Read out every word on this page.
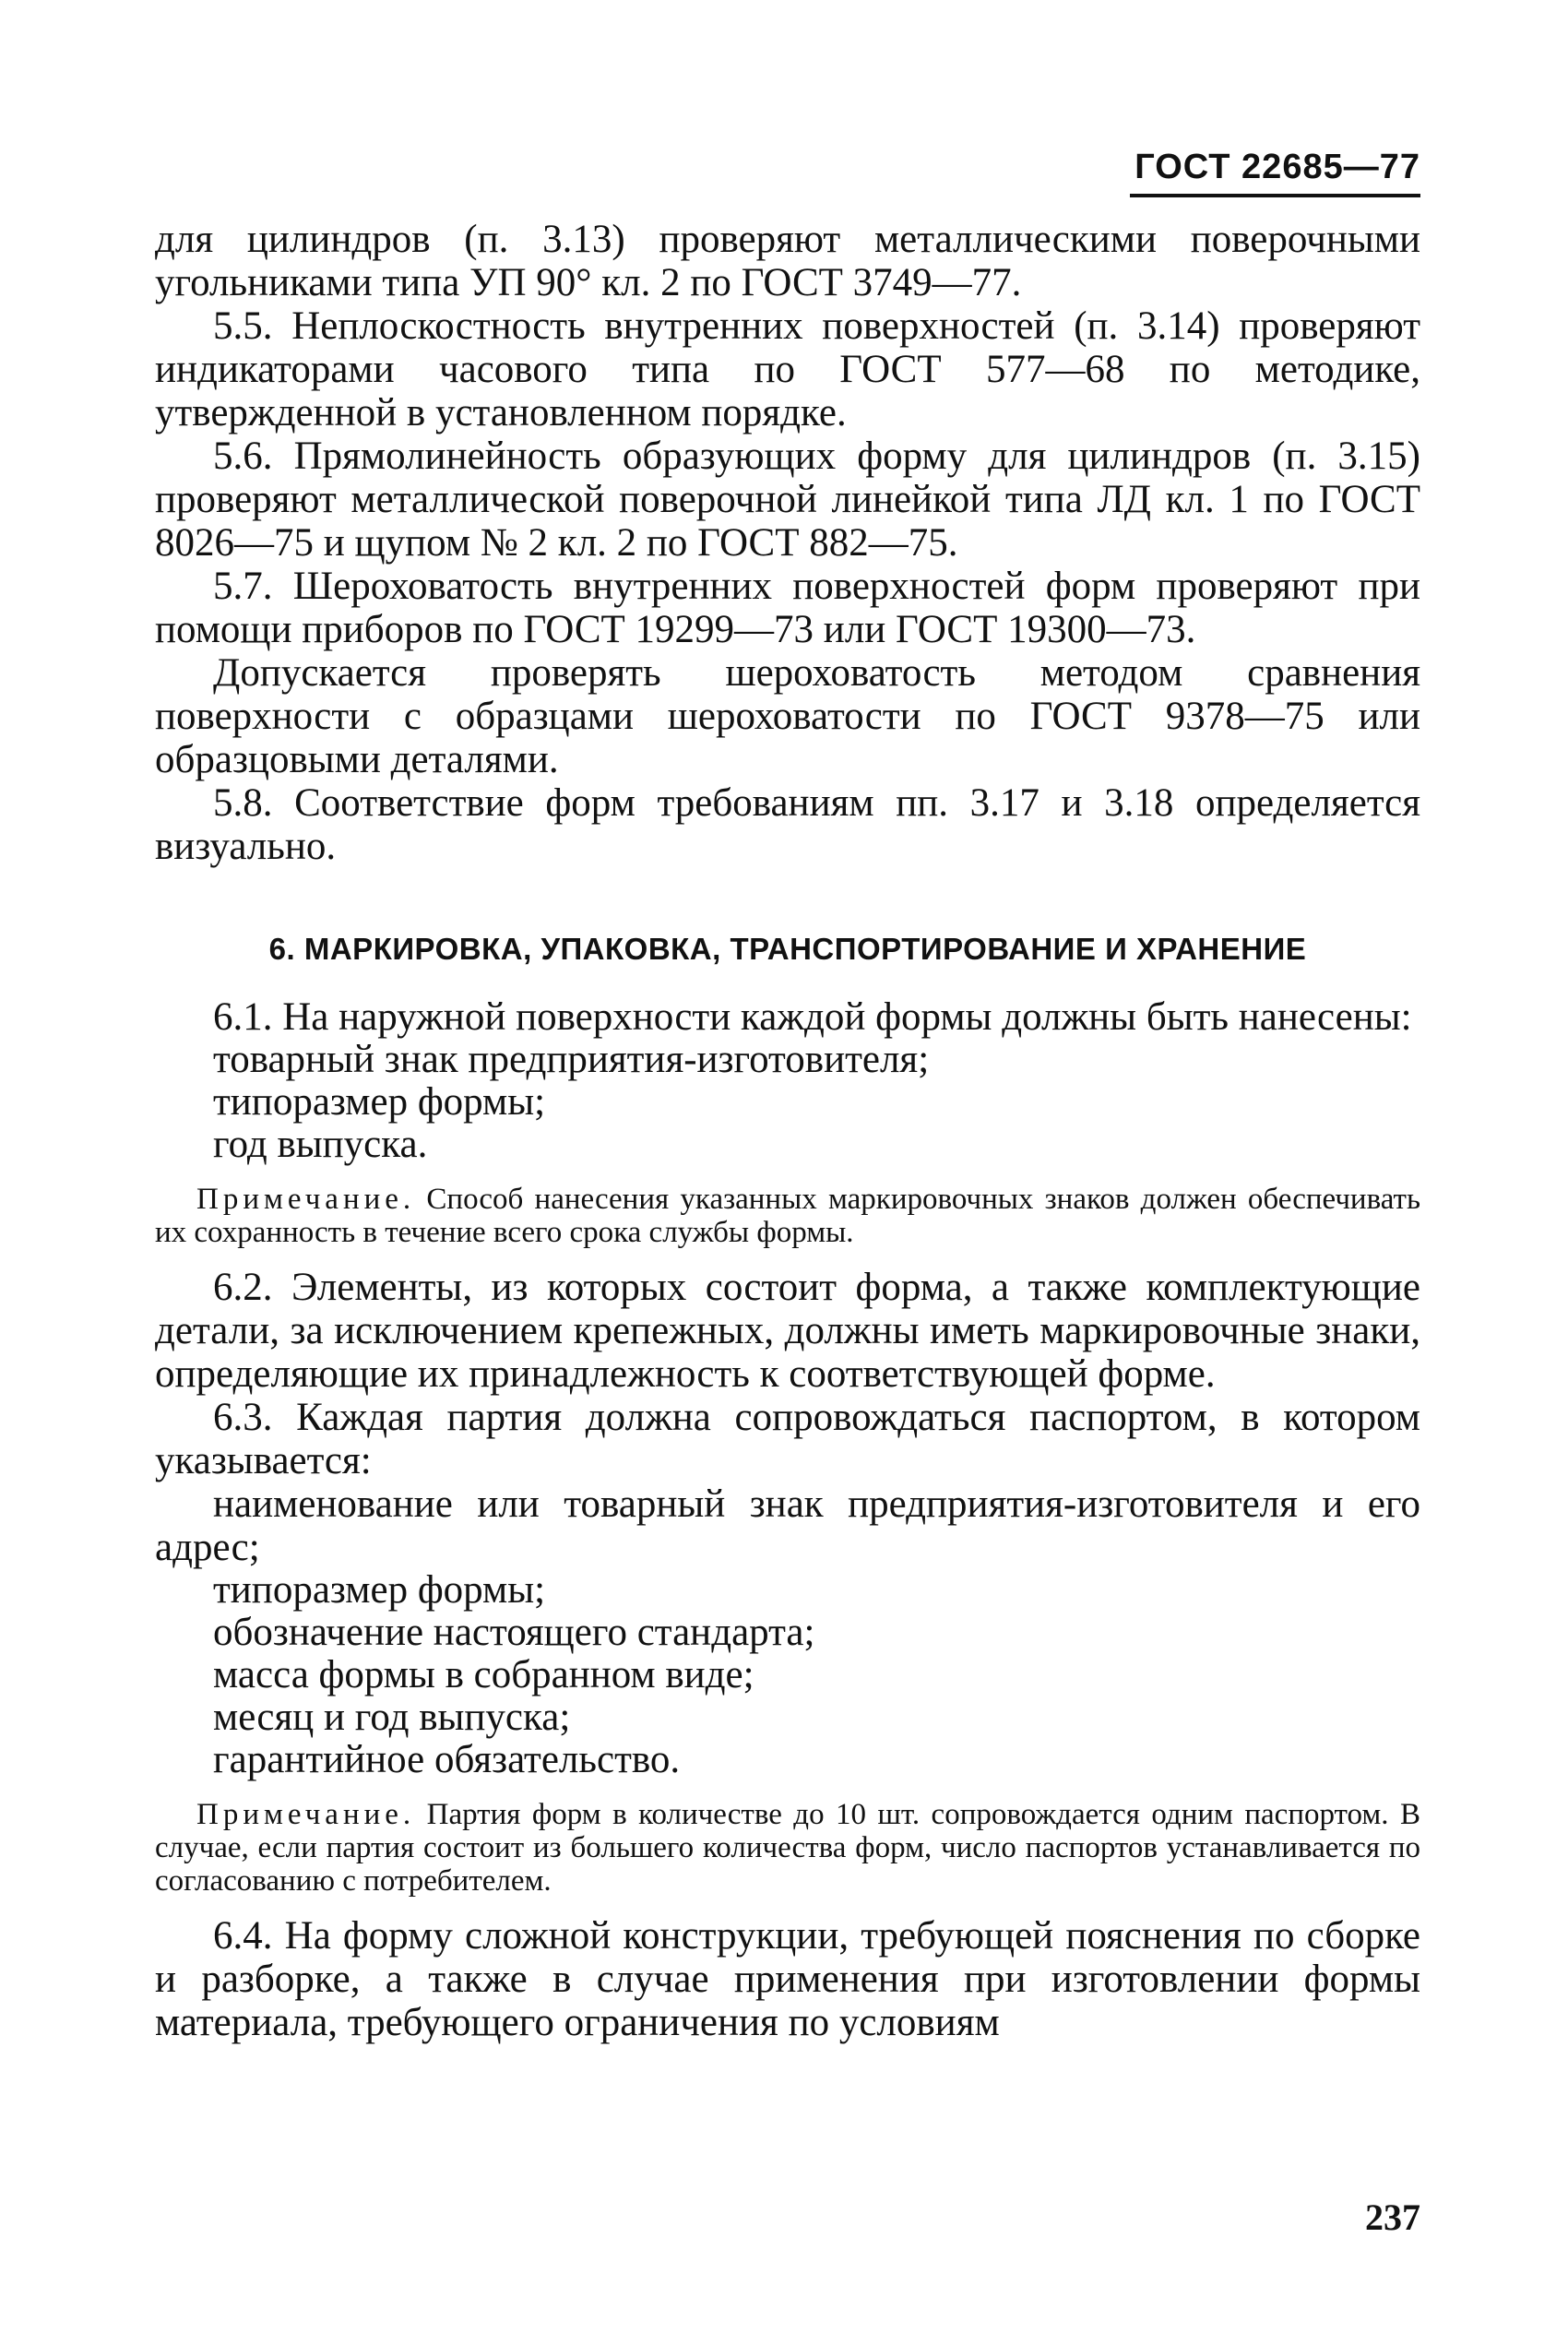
ГОСТ 22685—77

для цилиндров (п. 3.13) проверяют металлическими поверочными угольниками типа УП 90° кл. 2 по ГОСТ 3749—77.

5.5. Неплоскостность внутренних поверхностей (п. 3.14) проверяют индикаторами часового типа по ГОСТ 577—68 по методике, утвержденной в установленном порядке.

5.6. Прямолинейность образующих форму для цилиндров (п. 3.15) проверяют металлической поверочной линейкой типа ЛД кл. 1 по ГОСТ 8026—75 и щупом № 2 кл. 2 по ГОСТ 882—75.

5.7. Шероховатость внутренних поверхностей форм проверяют при помощи приборов по ГОСТ 19299—73 или ГОСТ 19300—73.

Допускается проверять шероховатость методом сравнения поверхности с образцами шероховатости по ГОСТ 9378—75 или образцовыми деталями.

5.8. Соответствие форм требованиям пп. 3.17 и 3.18 определяется визуально.

6. МАРКИРОВКА, УПАКОВКА, ТРАНСПОРТИРОВАНИЕ И ХРАНЕНИЕ

6.1. На наружной поверхности каждой формы должны быть нанесены:

товарный знак предприятия-изготовителя;

типоразмер формы;

год выпуска.

Примечание. Способ нанесения указанных маркировочных знаков должен обеспечивать их сохранность в течение всего срока службы формы.

6.2. Элементы, из которых состоит форма, а также комплектующие детали, за исключением крепежных, должны иметь маркировочные знаки, определяющие их принадлежность к соответствующей форме.

6.3. Каждая партия должна сопровождаться паспортом, в котором указывается:

наименование или товарный знак предприятия-изготовителя и его адрес;

типоразмер формы;

обозначение настоящего стандарта;

масса формы в собранном виде;

месяц и год выпуска;

гарантийное обязательство.

Примечание. Партия форм в количестве до 10 шт. сопровождается одним паспортом. В случае, если партия состоит из большего количества форм, число паспортов устанавливается по согласованию с потребителем.

6.4. На форму сложной конструкции, требующей пояснения по сборке и разборке, а также в случае применения при изготовлении формы материала, требующего ограничения по условиям

237
